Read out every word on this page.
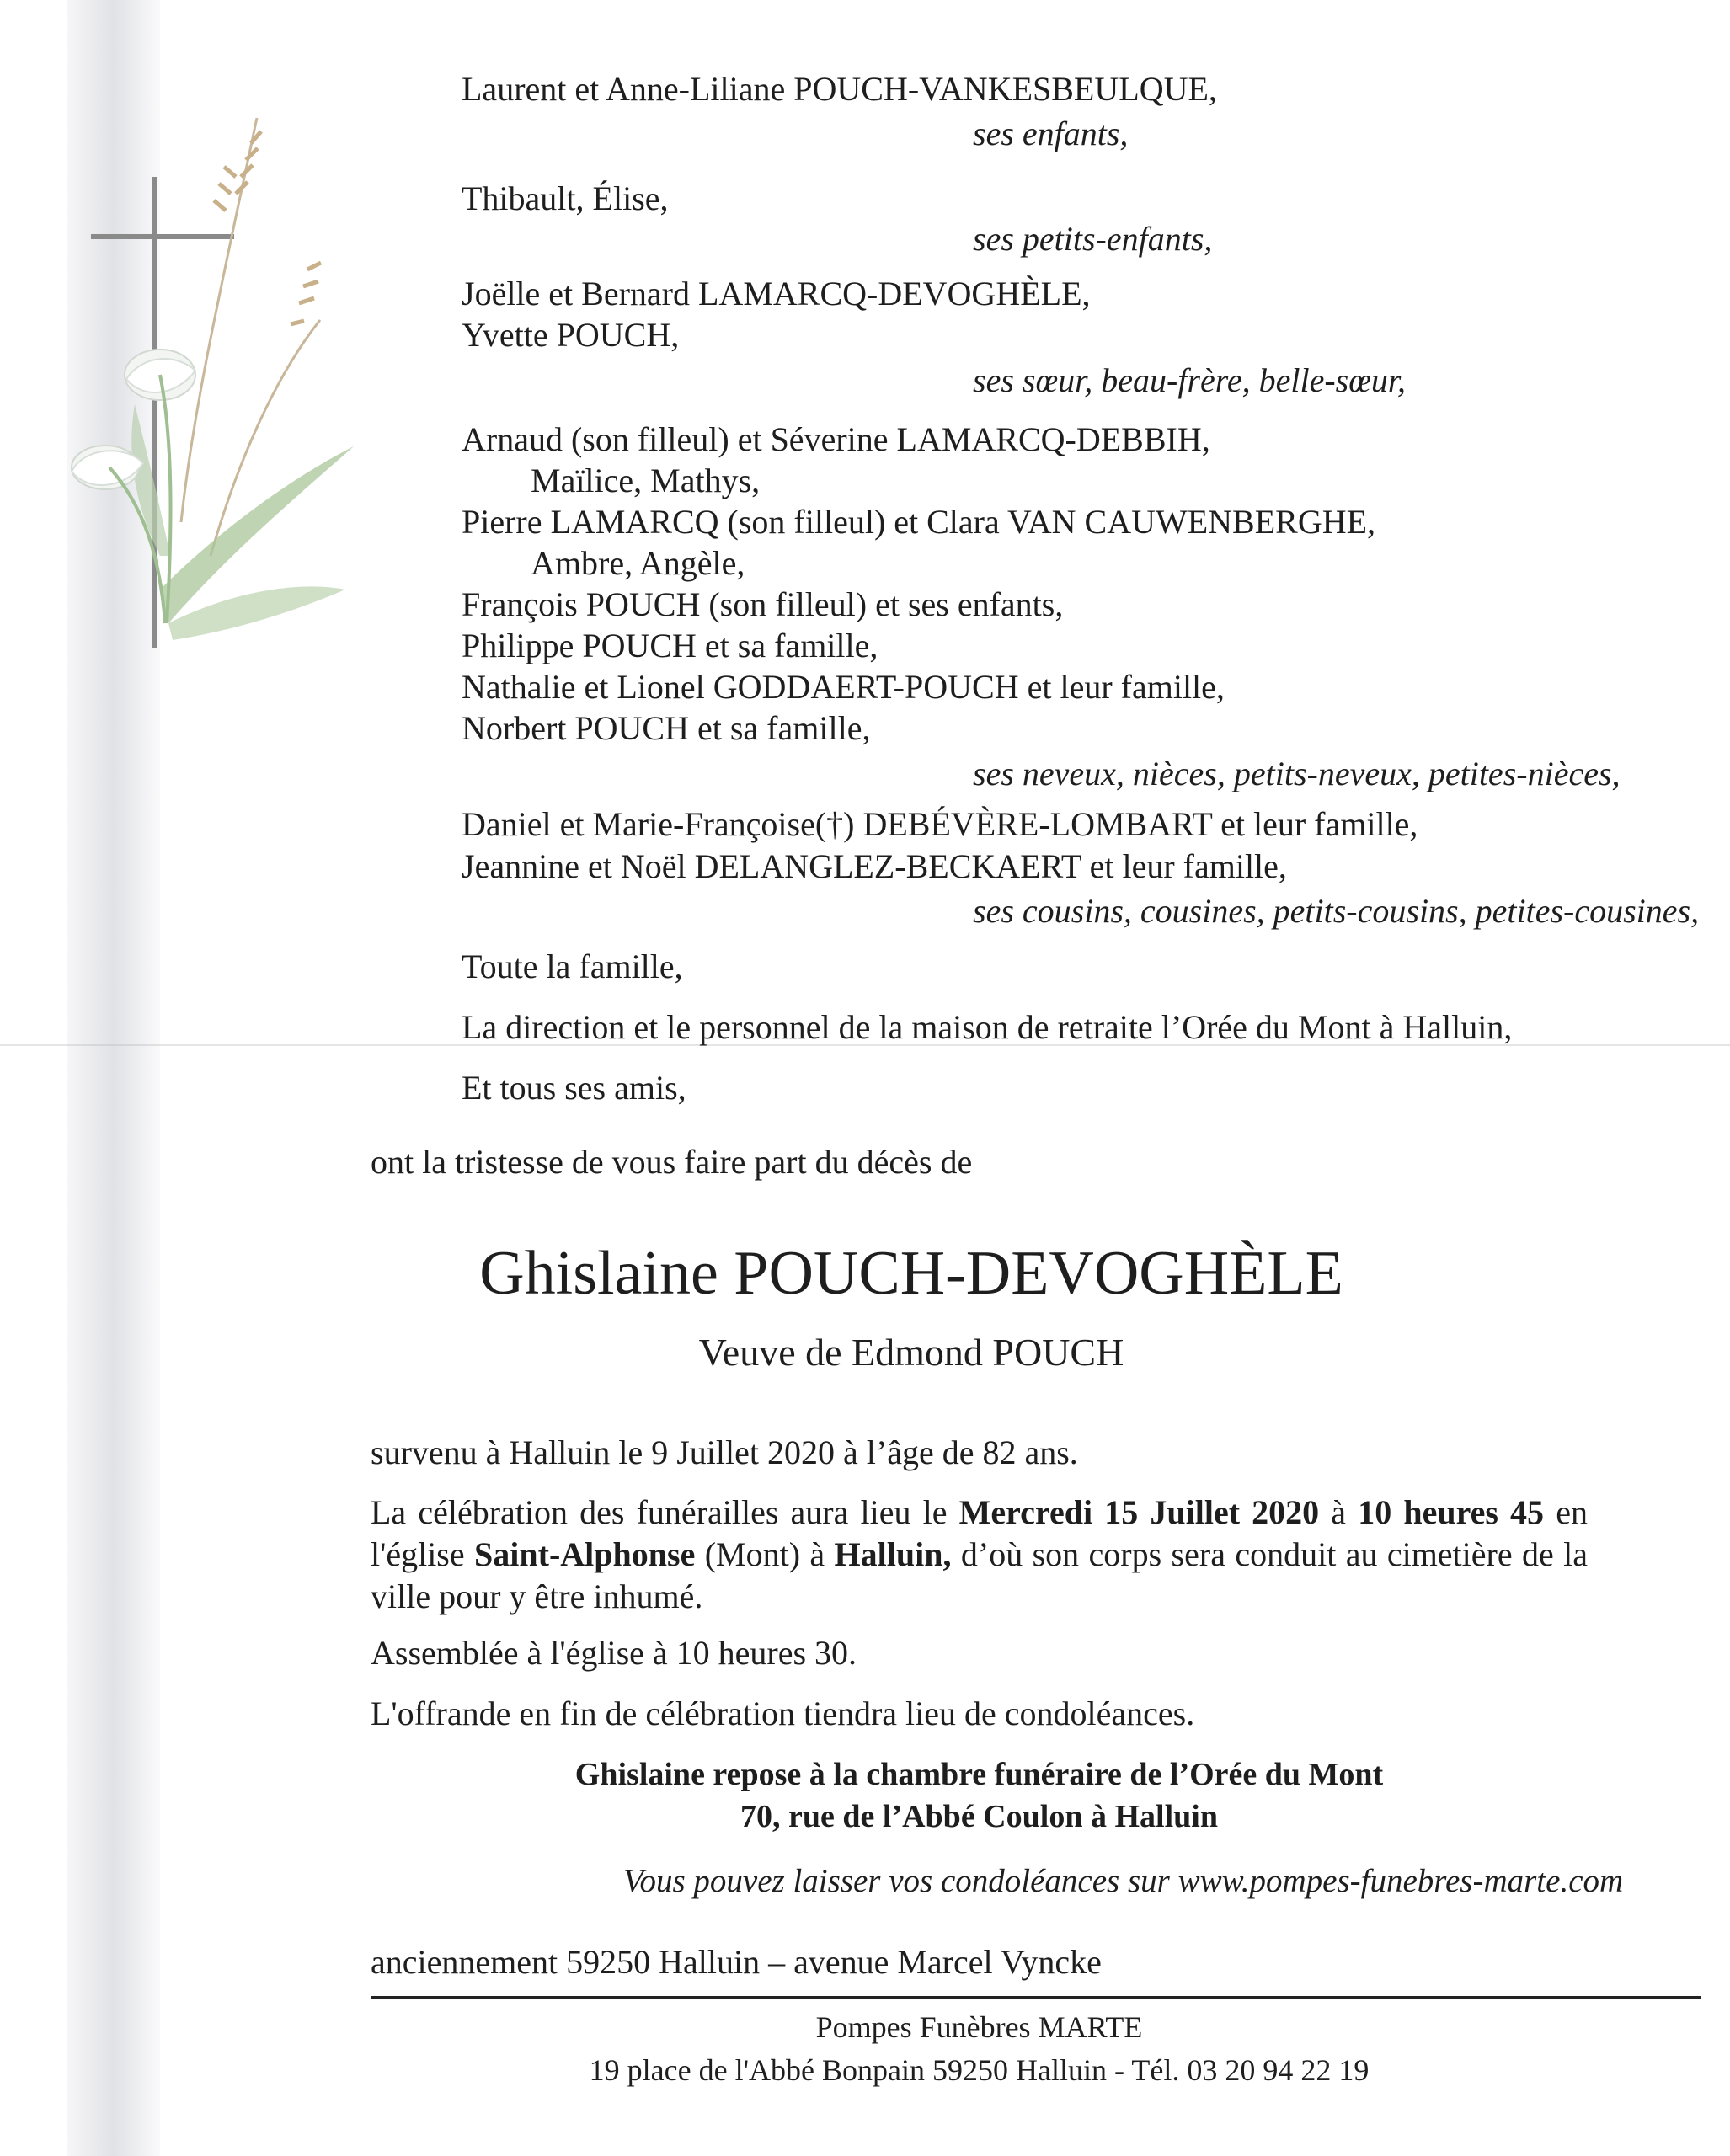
Laurent et Anne-Liliane POUCH-VANKESBEULQUE,
ses enfants,
Thibault, Élise,
ses petits-enfants,
Joëlle et Bernard LAMARCQ-DEVOGHÈLE,
Yvette POUCH,
ses sœur, beau-frère, belle-sœur,
Arnaud (son filleul) et Séverine LAMARCQ-DEBBIH,
Maïlice, Mathys,
Pierre LAMARCQ (son filleul) et Clara VAN CAUWENBERGHE,
Ambre, Angèle,
François POUCH (son filleul) et ses enfants,
Philippe POUCH et sa famille,
Nathalie et Lionel GODDAERT-POUCH et leur famille,
Norbert POUCH et sa famille,
ses neveux, nièces, petits-neveux, petites-nièces,
Daniel et Marie-Françoise(†) DEBÉVÈRE-LOMBART et leur famille,
Jeannine et Noël DELANGLEZ-BECKAERT et leur famille,
ses cousins, cousines, petits-cousins, petites-cousines,
Toute la famille,
La direction et le personnel de la maison de retraite l’Orée du Mont à Halluin,
Et tous ses amis,
ont la tristesse de vous faire part du décès de
Ghislaine POUCH-DEVOGHÈLE
Veuve de Edmond POUCH
survenu à Halluin le 9 Juillet 2020 à l’âge de 82 ans.
La célébration des funérailles aura lieu le Mercredi 15 Juillet 2020 à 10 heures 45 en l'église Saint-Alphonse (Mont) à Halluin, d’où son corps sera conduit au cimetière de la ville pour y être inhumé.
Assemblée à l'église à 10 heures 30.
L'offrande en fin de célébration tiendra lieu de condoléances.
Ghislaine repose à la chambre funéraire de l’Orée du Mont
70, rue de l’Abbé Coulon à Halluin
Vous pouvez laisser vos condoléances sur www.pompes-funebres-marte.com
anciennement 59250 Halluin – avenue Marcel Vyncke
Pompes Funèbres MARTE
19 place de l'Abbé Bonpain 59250 Halluin - Tél. 03 20 94 22 19
